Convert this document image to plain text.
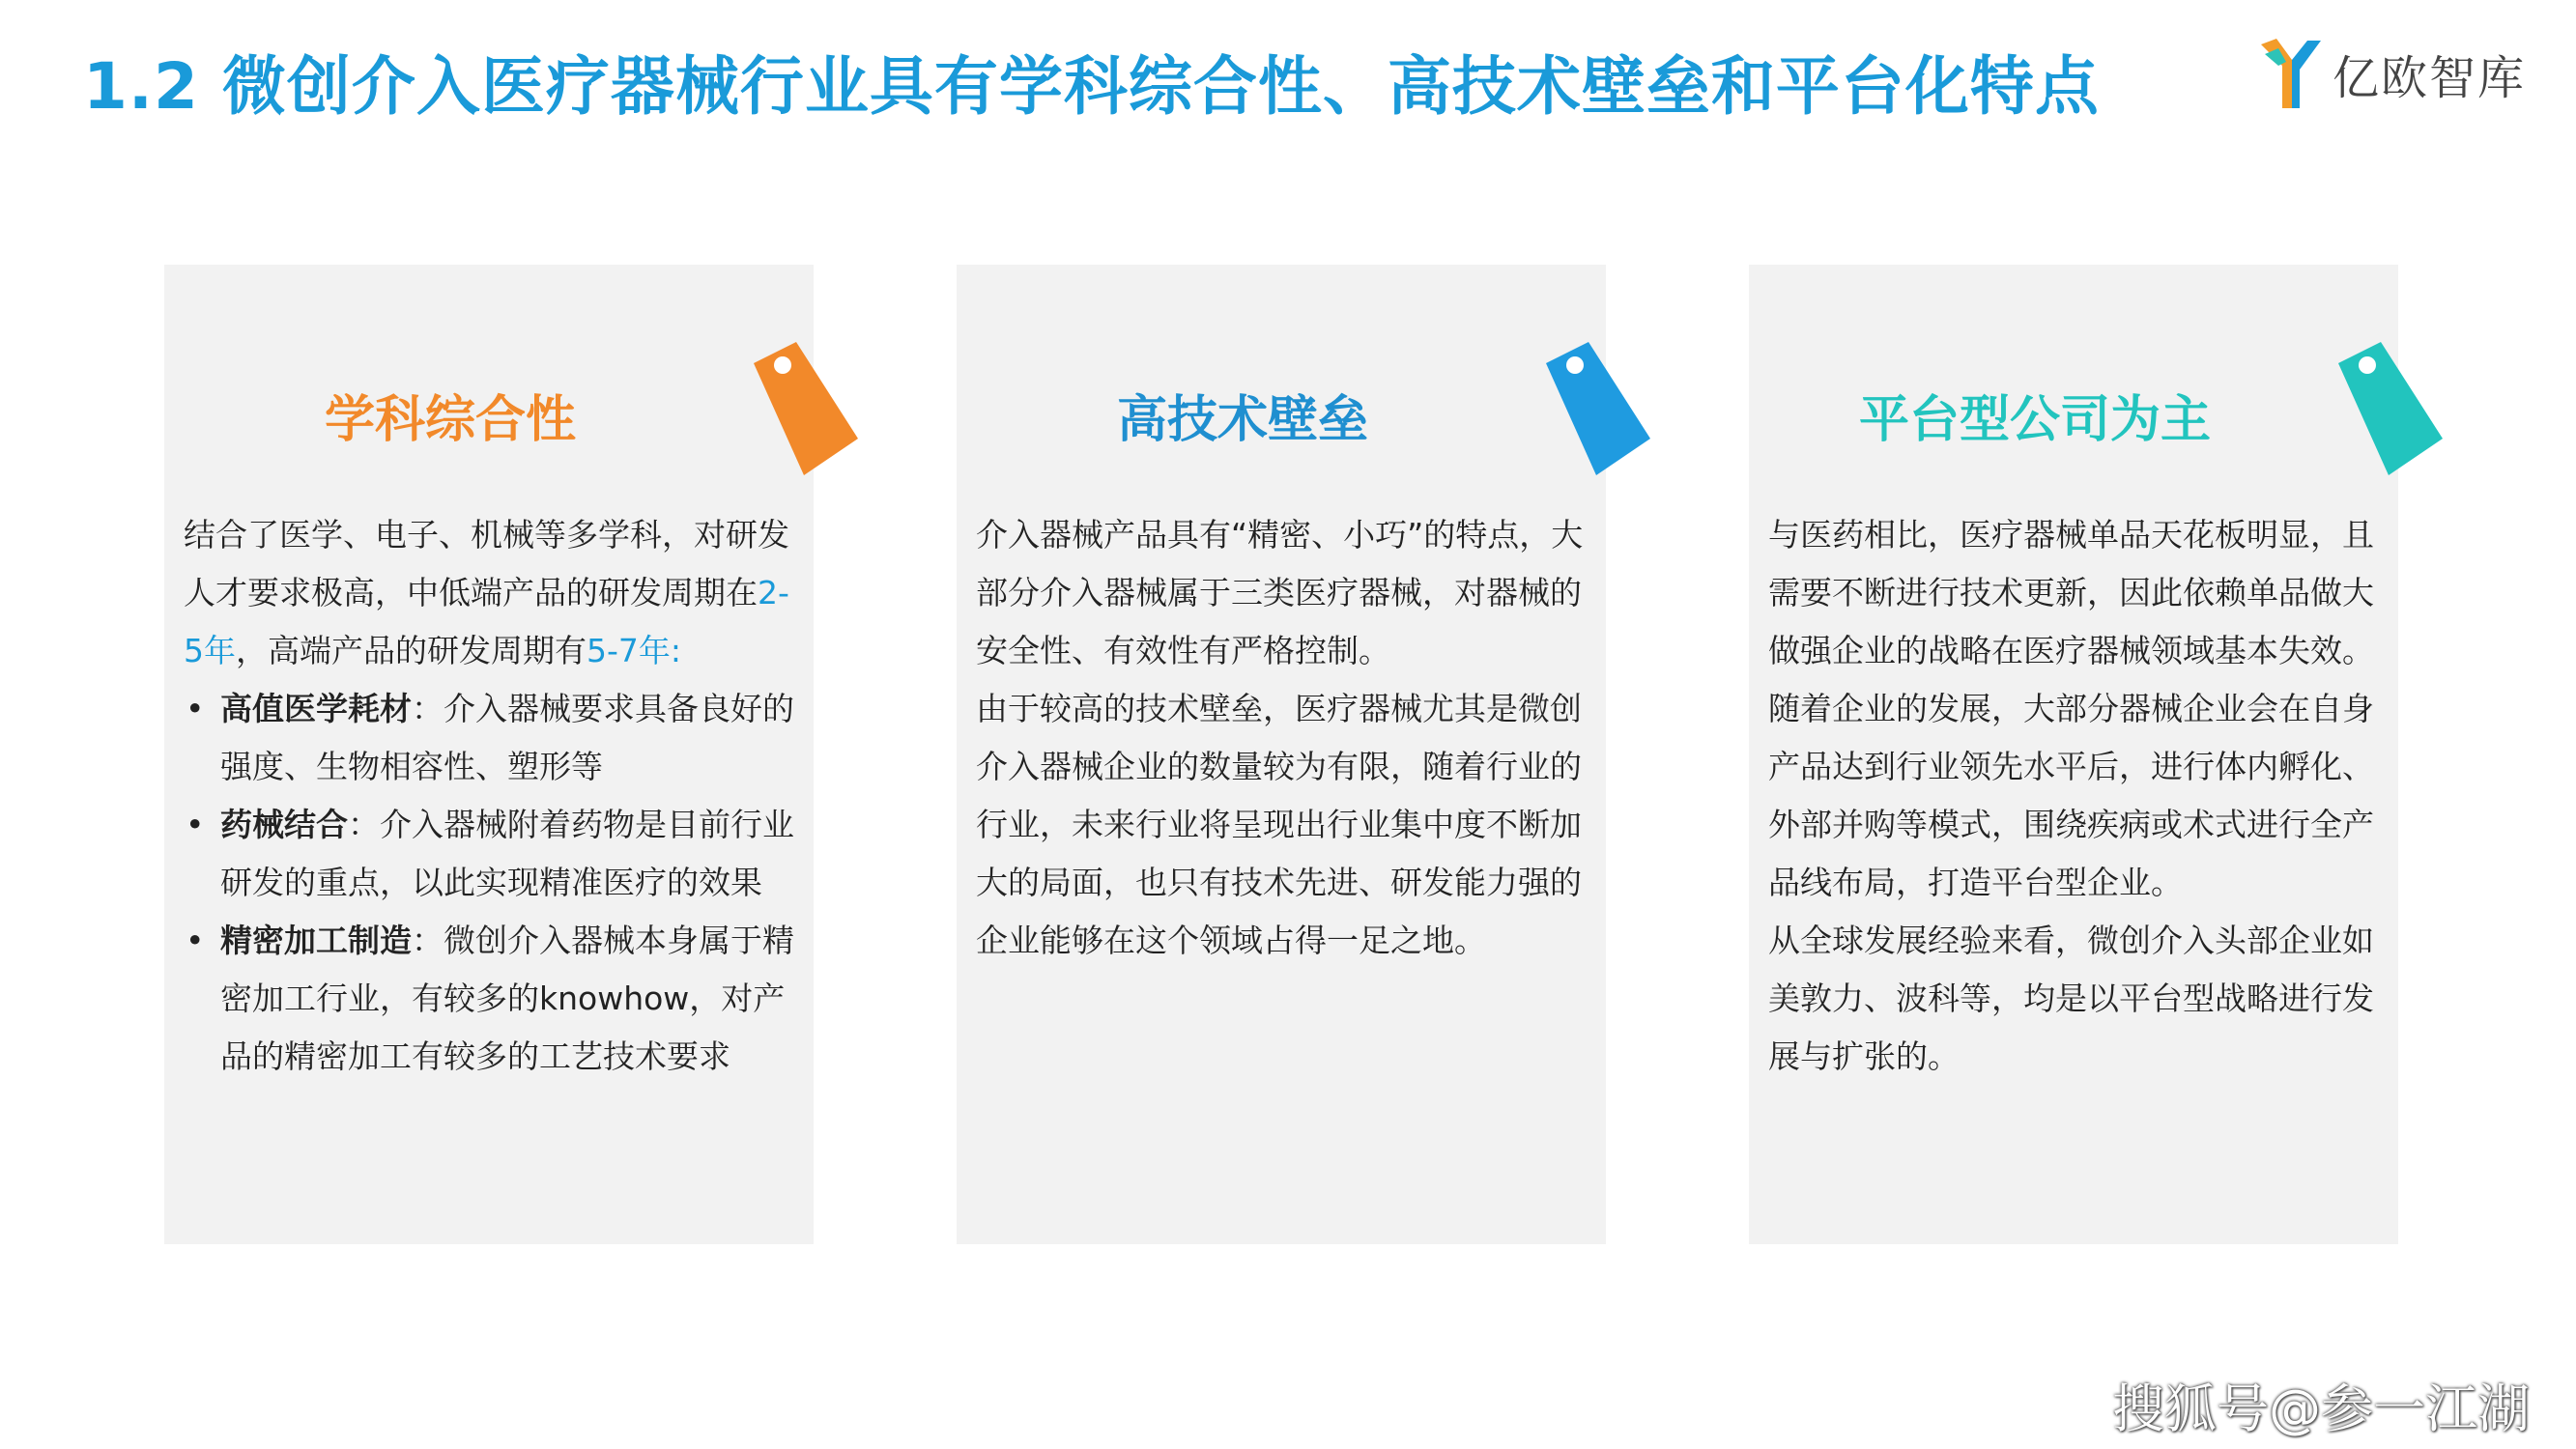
1.2 微创介入医疗器械行业具有学科综合性、高技术壁垒和平台化特点	亿欧智库
学科综合性

结合了医学、电子、机械等多学科，对研发人才要求极高，中低端产品的研发周期在2-5年，高端产品的研发周期有5-7年:

• 高值医学耗材：介入器械要求具备良好的强度、生物相容性、塑形等
• 药械结合：介入器械附着药物是目前行业研发的重点，以此实现精准医疗的效果
• 精密加工制造：微创介入器械本身属于精密加工行业，有较多的knowhow，对产品的精密加工有较多的工艺技术要求
高技术壁垒

介入器械产品具有“精密、小巧”的特点，大部分介入器械属于三类医疗器械，对器械的安全性、有效性有严格控制。

由于较高的技术壁垒，医疗器械尤其是微创介入器械企业的数量较为有限，随着行业的行业，未来行业将呈现出行业集中度不断加大的局面，也只有技术先进、研发能力强的企业能够在这个领域占得一足之地。

平台型公司为主

与医药相比，医疗器械单品天花板明显，且需要不断进行技术更新，因此依赖单品做大做强企业的战略在医疗器械领域基本失效。

随着企业的发展，大部分器械企业会在自身产品达到行业领先水平后，进行体内孵化、外部并购等模式，围绕疾病或术式进行全产品线布局，打造平台型企业。

从全球发展经验来看，微创介入头部企业如美敦力、波科等，均是以平台型战略进行发展与扩张的。

搜狐号@参一江湖
